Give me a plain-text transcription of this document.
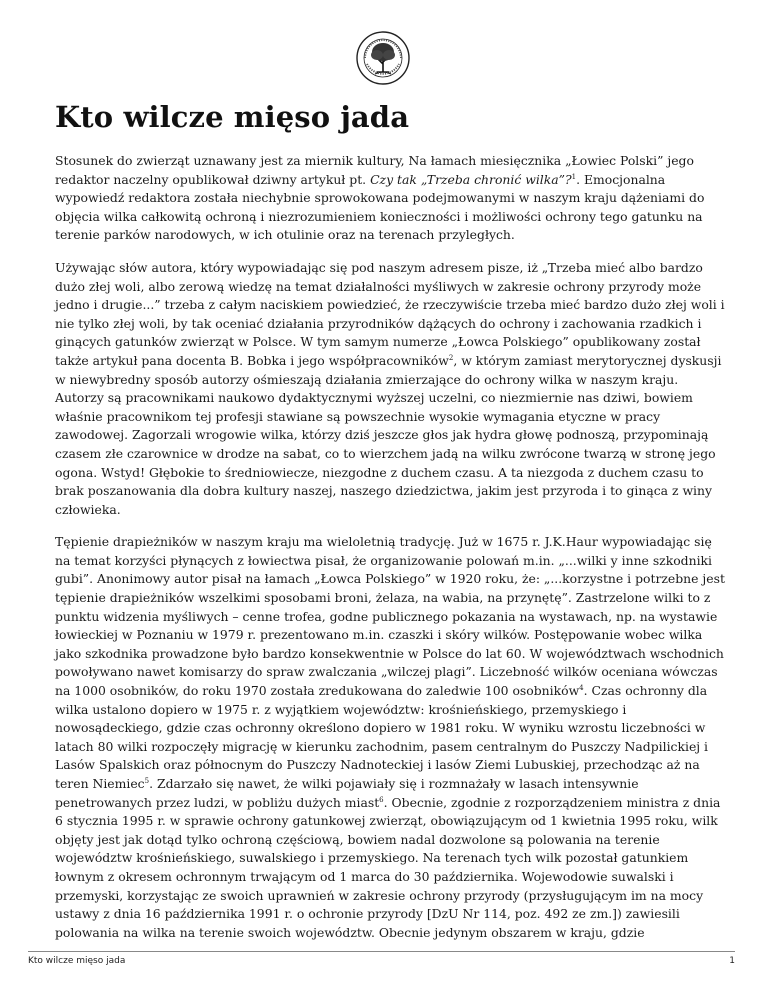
Kto wilcze mięso jada

Stosunek do zwierząt uznawany jest za miernik kultury, Na łamach miesięcznika „Łowiec Polski” jego redaktor naczelny opublikował dziwny artykuł pt. Czy tak „Trzeba chronić wilka”?$^1$. Emocjonalna wypowiedź redaktora została niechybnie sprowokowana podejmowanymi w naszym kraju dążeniami do objęcia wilka całkowitą ochroną i niezrozumieniem konieczności i możliwości ochrony tego gatunku na terenie parków narodowych, w ich otulinie oraz na terenach przyległych.

Używając słów autora, który wypowiadając się pod naszym adresem pisze, iż „Trzeba mieć albo bardzo dużo złej woli, albo zerową wiedzę na temat działalności myśliwych w zakresie ochrony przyrody może jedno i drugie...” trzeba z całym naciskiem powiedzieć, że rzeczywiście trzeba mieć bardzo dużo złej woli i nie tylko złej woli, by tak oceniać działania przyrodników dążących do ochrony i zachowania rzadkich i ginących gatunków zwierząt w Polsce. W tym samym numerze „Łowca Polskiego” opublikowany został także artykuł pana docenta B. Bobka i jego współpracowników$^2$, w którym zamiast merytorycznej dyskusji w niewybredny sposób autorzy ośmieszają działania zmierzające do ochrony wilka w naszym kraju. Autorzy są pracownikami naukowo dydaktycznymi wyższej uczelni, co niezmiernie nas dziwi, bowiem właśnie pracownikom tej profesji stawiane są powszechnie wysokie wymagania etyczne w pracy zawodowej. Zagorzali wrogowie wilka, którzy dziś jeszcze głos jak hydra głowę podnoszą, przypominają czasem złe czarownice w drodze na sabat, co to wierzchem jadą na wilku zwrócone twarzą w stronę jego ogona. Wstyd! Głębokie to średniowiecze, niezgodne z duchem czasu. A ta niezgoda z duchem czasu to brak poszanowania dla dobra kultury naszej, naszego dziedzictwa, jakim jest przyroda i to ginąca z winy człowieka.

Tępienie drapieżników w naszym kraju ma wieloletnią tradycję. Już w 1675 r. J.K.Haur wypowiadając się na temat korzyści płynących z łowiectwa pisał, że organizowanie polowań m.in. „...wilki y inne szkodniki gubi”. Anonimowy autor pisał na łamach „Łowca Polskiego” w 1920 roku, że: „...korzystne i potrzebne jest tępienie drapieżników wszelkimi sposobami broni, żelaza, na wabia, na przynętę”. Zastrzelone wilki to z punktu widzenia myśliwych – cenne trofea, godne publicznego pokazania na wystawach, np. na wystawie łowieckiej w Poznaniu w 1979 r. prezentowano m.in. czaszki i skóry wilków. Postępowanie wobec wilka jako szkodnika prowadzone było bardzo konsekwentnie w Polsce do lat 60. W województwach wschodnich powoływano nawet komisarzy do spraw zwalczania „wilczej plagi”. Liczebność wilków oceniana wówczas na 1000 osobników, do roku 1970 została zredukowana do zaledwie 100 osobników$^4$. Czas ochronny dla wilka ustalono dopiero w 1975 r. z wyjątkiem województw: krośnieńskiego, przemyskiego i nowosądeckiego, gdzie czas ochronny określono dopiero w 1981 roku. W wyniku wzrostu liczebności w latach 80 wilki rozpoczęły migrację w kierunku zachodnim, pasem centralnym do Puszczy Nadpilickiej i Lasów Spalskich oraz północnym do Puszczy Nadnoteckiej i lasów Ziemi Lubuskiej, przechodząc aż na teren Niemiec$^5$. Zdarzało się nawet, że wilki pojawiały się i rozmnażały w lasach intensywnie penetrowanych przez ludzi, w pobliżu dużych miast$^6$. Obecnie, zgodnie z rozporządzeniem ministra z dnia 6 stycznia 1995 r. w sprawie ochrony gatunkowej zwierząt, obowiązującym od 1 kwietnia 1995 roku, wilk objęty jest jak dotąd tylko ochroną częściową, bowiem nadal dozwolone są polowania na terenie województw krośnieńskiego, suwalskiego i przemyskiego. Na terenach tych wilk pozostał gatunkiem łownym z okresem ochronnym trwającym od 1 marca do 30 października. Wojewodowie suwalski i przemyski, korzystając ze swoich uprawnień w zakresie ochrony przyrody (przysługującym im na mocy ustawy z dnia 16 października 1991 r. o ochronie przyrody [DzU Nr 114, poz. 492 ze zm.]) zawiesili polowania na wilka na terenie swoich województw. Obecnie jedynym obszarem w kraju, gdzie

Kto wilcze mięso jada	1
